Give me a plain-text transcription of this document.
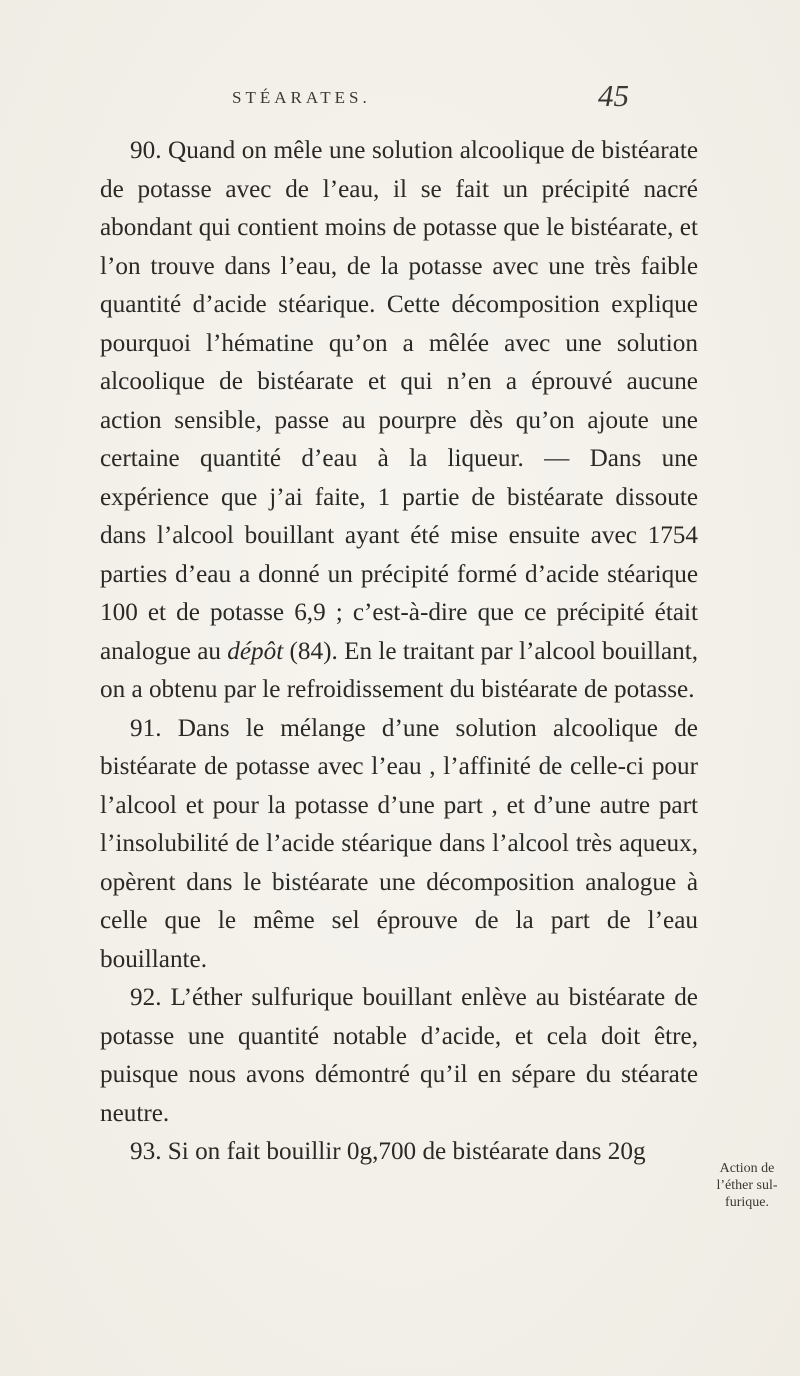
STÉARATES.	45

90. Quand on mêle une solution alcoolique de bistéarate de potasse avec de l’eau, il se fait un précipité nacré abondant qui contient moins de potasse que le bistéarate, et l’on trouve dans l’eau, de la potasse avec une très faible quantité d’acide stéarique. Cette décomposition explique pourquoi l’hématine qu’on a mêlée avec une solution alcoolique de bistéarate et qui n’en a éprouvé aucune action sensible, passe au pourpre dès qu’on ajoute une certaine quantité d’eau à la liqueur. — Dans une expérience que j’ai faite, 1 partie de bistéarate dissoute dans l’alcool bouillant ayant été mise ensuite avec 1754 parties d’eau a donné un précipité formé d’acide stéarique 100 et de potasse 6,9 ; c’est-à-dire que ce précipité était analogue au dépôt (84). En le traitant par l’alcool bouillant, on a obtenu par le refroidissement du bistéarate de potasse.

91. Dans le mélange d’une solution alcoolique de bistéarate de potasse avec l’eau , l’affinité de celle-ci pour l’alcool et pour la potasse d’une part , et d’une autre part l’insolubilité de l’acide stéarique dans l’alcool très aqueux, opèrent dans le bistéarate une décomposition analogue à celle que le même sel éprouve de la part de l’eau bouillante.

92. L’éther sulfurique bouillant enlève au bistéarate de potasse une quantité notable d’acide, et cela doit être, puisque nous avons démontré qu’il en sépare du stéarate neutre.

93. Si on fait bouillir 0g,700 de bistéarate dans 20g

Action de
l’éther sul-
furique.
